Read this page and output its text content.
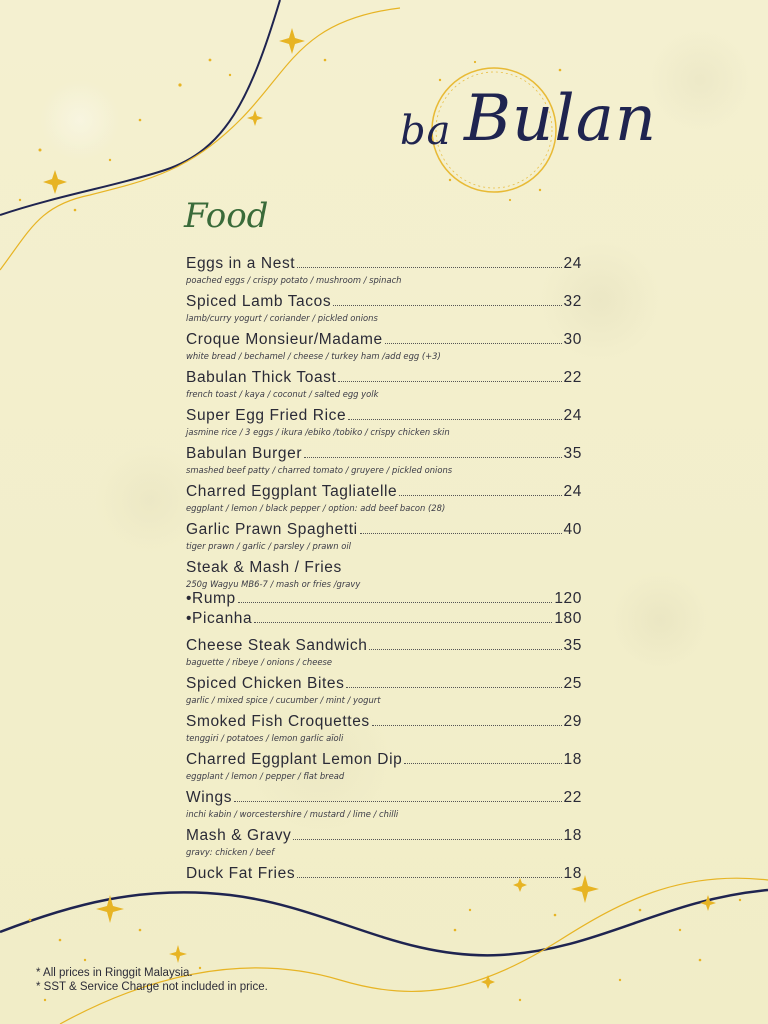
ba Bulan
Food
Eggs in a Nest	24
poached eggs / crispy potato / mushroom / spinach
Spiced Lamb Tacos	32
lamb/curry yogurt / coriander / pickled onions
Croque Monsieur/Madame	30
white bread / bechamel / cheese / turkey ham /add egg (+3)
Babulan Thick Toast	22
french toast / kaya / coconut / salted egg yolk
Super Egg Fried Rice	24
jasmine rice / 3 eggs / ikura /ebiko /tobiko / crispy chicken skin
Babulan Burger	35
smashed beef patty / charred tomato / gruyere / pickled onions
Charred Eggplant Tagliatelle	24
eggplant / lemon / black pepper / option: add beef bacon (28)
Garlic Prawn Spaghetti	40
tiger prawn / garlic / parsley / prawn oil
Steak & Mash / Fries
250g Wagyu MB6-7 / mash or fries /gravy
•Rump	120
•Picanha	180
Cheese Steak Sandwich	35
baguette / ribeye / onions / cheese
Spiced Chicken Bites	25
garlic / mixed spice / cucumber / mint / yogurt
Smoked Fish Croquettes	29
tenggiri / potatoes / lemon garlic aïoli
Charred Eggplant Lemon Dip	18
eggplant / lemon / pepper / flat bread
Wings	22
inchi kabin / worcestershire / mustard / lime / chilli
Mash & Gravy	18
gravy: chicken / beef
Duck Fat Fries	18
* All prices in Ringgit Malaysia.
* SST & Service Charge not included in price.
